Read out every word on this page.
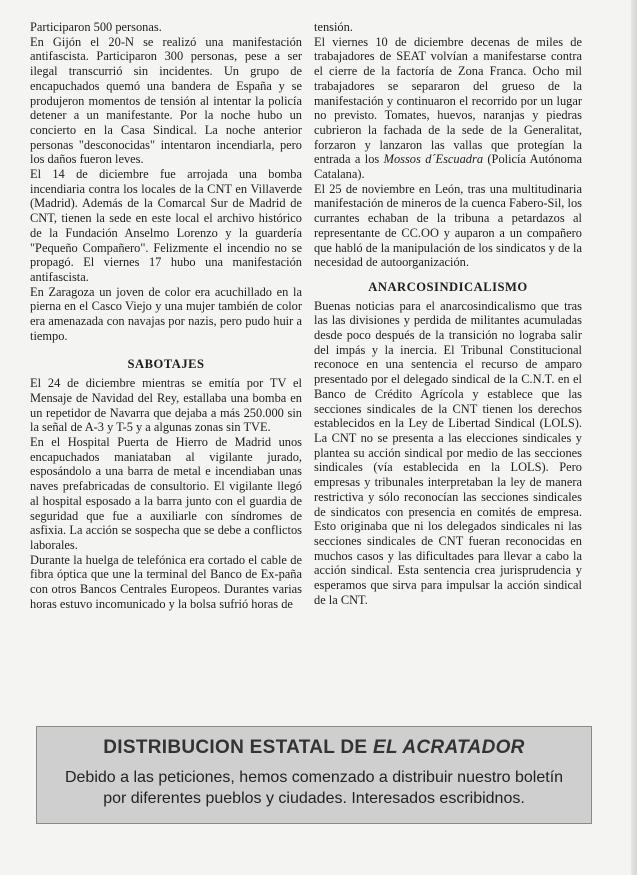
Participaron 500 personas.

En Gijón el 20-N se realizó una manifestación antifascista. Participaron 300 personas, pese a ser ilegal transcurrió sin incidentes. Un grupo de encapuchados quemó una bandera de España y se produjeron momentos de tensión al intentar la policía detener a un manifestante. Por la noche hubo un concierto en la Casa Sindical. La noche anterior personas "desconocidas" intentaron incendiarla, pero los daños fueron leves.

El 14 de diciembre fue arrojada una bomba incendiaria contra los locales de la CNT en Villaverde (Madrid). Además de la Comarcal Sur de Madrid de CNT, tienen la sede en este local el archivo histórico de la Fundación Anselmo Lorenzo y la guardería "Pequeño Compañero". Felizmente el incendio no se propagó. El viernes 17 hubo una manifestación antifascista.

En Zaragoza un joven de color era acuchillado en la pierna en el Casco Viejo y una mujer también de color era amenazada con navajas por nazis, pero pudo huir a tiempo.

SABOTAJES

El 24 de diciembre mientras se emitía por TV el Mensaje de Navidad del Rey, estallaba una bomba en un repetidor de Navarra que dejaba a más 250.000 sin la señal de A-3 y T-5 y a algunas zonas sin TVE.

En el Hospital Puerta de Hierro de Madrid unos encapuchados maniataban al vigilante jurado, esposándolo a una barra de metal e incendiaban unas naves prefabricadas de consultorio. El vigilante llegó al hospital esposado a la barra junto con el guardia de seguridad que fue a auxiliarle con síndromes de asfixia. La acción se sospecha que se debe a conflictos laborales.

Durante la huelga de telefónica era cortado el cable de fibra óptica que une la terminal del Banco de Ex-paña con otros Bancos Centrales Europeos. Durantes varias horas estuvo incomunicado y la bolsa sufrió horas de

tensión.

El viernes 10 de diciembre decenas de miles de trabajadores de SEAT volvían a manifestarse contra el cierre de la factoría de Zona Franca. Ocho mil trabajadores se separaron del grueso de la manifestación y continuaron el recorrido por un lugar no previsto. Tomates, huevos, naranjas y piedras cubrieron la fachada de la sede de la Generalitat, forzaron y lanzaron las vallas que protegían la entrada a los Mossos d´Escuadra (Policía Autónoma Catalana).

El 25 de noviembre en León, tras una multitudinaria manifestación de mineros de la cuenca Fabero-Sil, los currantes echaban de la tribuna a petardazos al representante de CC.OO y auparon a un compañero que habló de la manipulación de los sindicatos y de la necesidad de autoorganización.

ANARCOSINDICALISMO

Buenas noticias para el anarcosindicalismo que tras las las divisiones y perdida de militantes acumuladas desde poco después de la transición no lograba salir del impás y la inercia. El Tribunal Constitucional reconoce en una sentencia el recurso de amparo presentado por el delegado sindical de la C.N.T. en el Banco de Crédito Agrícola y establece que las secciones sindicales de la CNT tienen los derechos establecidos en la Ley de Libertad Sindical (LOLS). La CNT no se presenta a las elecciones sindicales y plantea su acción sindical por medio de las secciones sindicales (vía establecida en la LOLS). Pero empresas y tribunales interpretaban la ley de manera restrictiva y sólo reconocían las secciones sindicales de sindicatos con presencia en comités de empresa. Esto originaba que ni los delegados sindicales ni las secciones sindicales de CNT fueran reconocidas en muchos casos y las dificultades para llevar a cabo la acción sindical. Esta sentencia crea jurisprudencia y esperamos que sirva para impulsar la acción sindical de la CNT.

DISTRIBUCION ESTATAL DE EL ACRATADOR
Debido a las peticiones, hemos comenzado a distribuir nuestro boletín por diferentes pueblos y ciudades. Interesados escribidnos.
